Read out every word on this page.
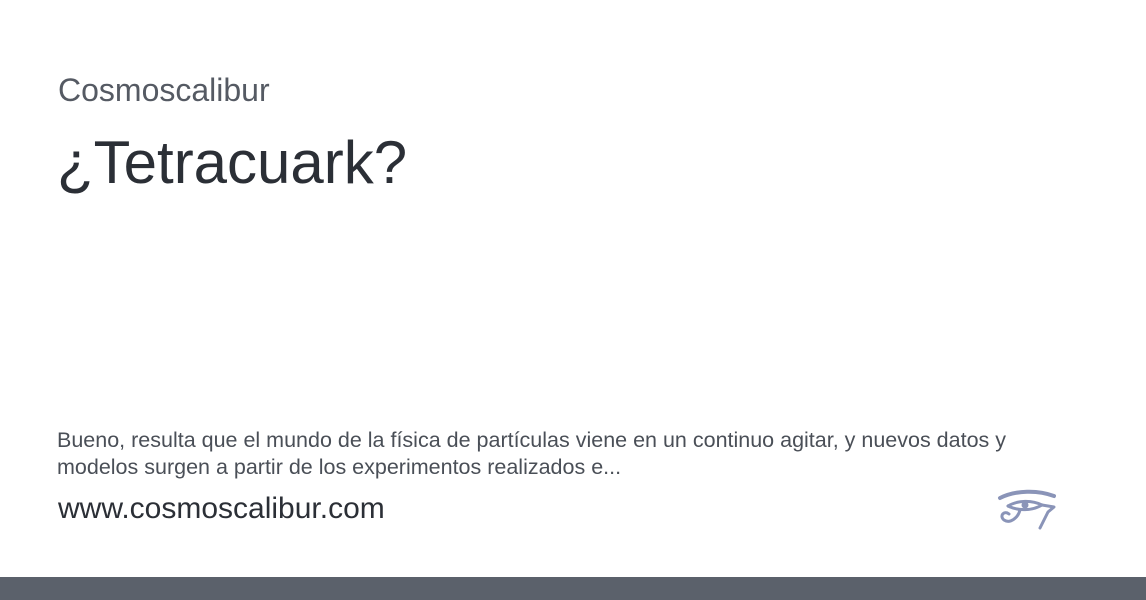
Cosmoscalibur
¿Tetracuark?
Bueno, resulta que el mundo de la física de partículas viene en un continuo agitar, y nuevos datos y modelos surgen a partir de los experimentos realizados e...
www.cosmoscalibur.com
